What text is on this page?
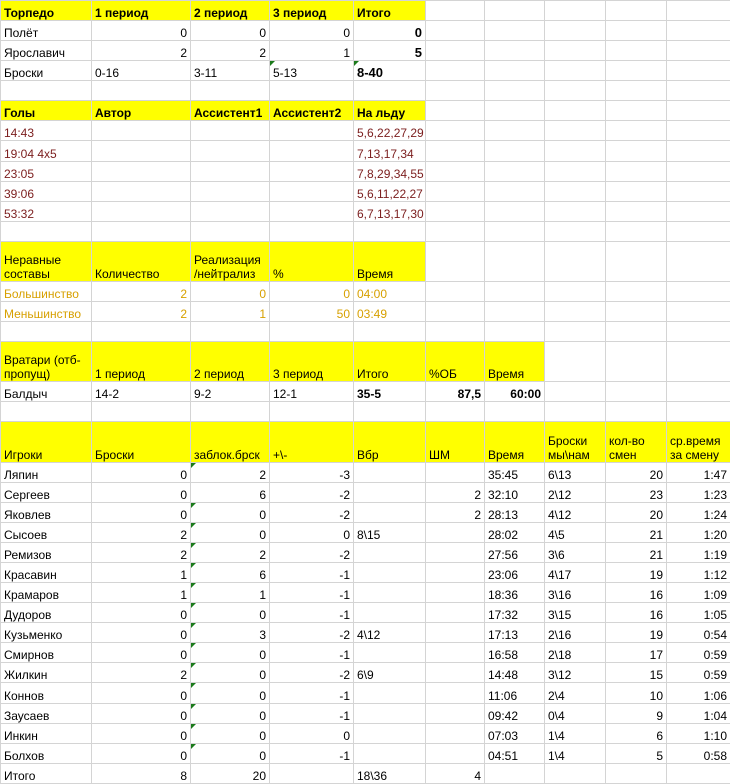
Торпедо	1 период	2 период	3 период	Итого					
Полёт	0	0	0	0					
Ярославич	2	2	1	5					
Броски	0-16	3-11	5-13	8-40					

Голы	Автор	Ассистент1	Ассистент2	На льду					
14:43				5,6,22,27,29					
19:04 4x5				7,13,17,34					
23:05				7,8,29,34,55					
39:06				5,6,11,22,27					
53:32				6,7,13,17,30					

Неравные составы	Количество	Реализация /нейтрализ	%	Время					
Большинство	2	0	0	04:00					
Меньшинство	2	1	50	03:49					

Вратари (отб-пропущ)	1 период	2 период	3 период	Итого	%ОБ	Время			
Балдыч	14-2	9-2	12-1	35-5	87,5	60:00			

Игроки	Броски	заблок.брск	+\-	Вбр	ШМ	Время	Броски мы\нам	кол-во смен	ср.время за смену
Ляпин	0	2	-3			35:45	6\13	20	1:47
Сергеев	0	6	-2		2	32:10	2\12	23	1:23
Яковлев	0	0	-2		2	28:13	4\12	20	1:24
Сысоев	2	0	0	8\15		28:02	4\5	21	1:20
Ремизов	2	2	-2			27:56	3\6	21	1:19
Красавин	1	6	-1			23:06	4\17	19	1:12
Крамаров	1	1	-1			18:36	3\16	16	1:09
Дудоров	0	0	-1			17:32	3\15	16	1:05
Кузьменко	0	3	-2	4\12		17:13	2\16	19	0:54
Смирнов	0	0	-1			16:58	2\18	17	0:59
Жилкин	2	0	-2	6\9		14:48	3\12	15	0:59
Коннов	0	0	-1			11:06	2\4	10	1:06
Заусаев	0	0	-1			09:42	0\4	9	1:04
Инкин	0	0	0			07:03	1\4	6	1:10
Болхов	0	0	-1			04:51	1\4	5	0:58
Итого	8	20		18\36	4				
